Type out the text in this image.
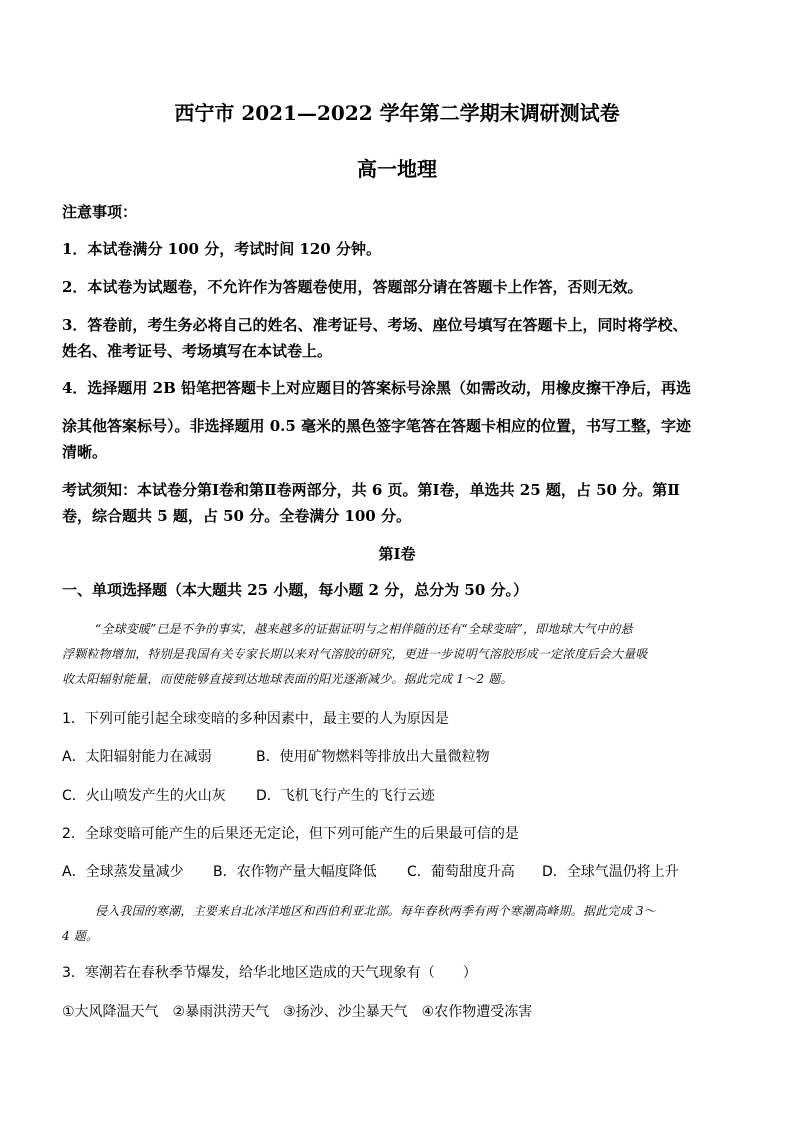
西宁市 2021—2022 学年第二学期末调研测试卷
高一地理
注意事项：
1．本试卷满分 100 分，考试时间 120 分钟。
2．本试卷为试题卷，不允许作为答题卷使用，答题部分请在答题卡上作答，否则无效。
3．答卷前，考生务必将自己的姓名、准考证号、考场、座位号填写在答题卡上，同时将学校、
姓名、准考证号、考场填写在本试卷上。
4．选择题用 2B 铅笔把答题卡上对应题目的答案标号涂黑（如需改动，用橡皮擦干净后，再选
涂其他答案标号）。非选择题用 0.5 毫米的黑色签字笔答在答题卡相应的位置，书写工整，字迹
清晰。
考试须知：本试卷分第Ⅰ卷和第Ⅱ卷两部分，共 6 页。第Ⅰ卷，单选共 25 题，占 50 分。第Ⅱ
卷，综合题共 5 题，占 50 分。全卷满分 100 分。
第Ⅰ卷
一、单项选择题（本大题共 25 小题，每小题 2 分，总分为 50 分。）
“全球变暖”已是不争的事实，越来越多的证据证明与之相伴随的还有“全球变暗”，即地球大气中的悬
浮颗粒物增加，特别是我国有关专家长期以来对气溶胶的研究，更进一步说明气溶胶形成一定浓度后会大量吸
收太阳辐射能量，而使能够直接到达地球表面的阳光逐渐减少。据此完成 1～2 题。
1．下列可能引起全球变暗的多种因素中，最主要的人为原因是
A．太阳辐射能力在减弱	B．使用矿物燃料等排放出大量微粒物
C．火山喷发产生的火山灰 D．飞机飞行产生的飞行云迹
2．全球变暗可能产生的后果还无定论，但下列可能产生的后果最可信的是
A．全球蒸发量减少 B．农作物产量大幅度降低 C．葡萄甜度升高 D．全球气温仍将上升
侵入我国的寒潮，主要来自北冰洋地区和西伯利亚北部。每年春秋两季有两个寒潮高峰期。据此完成 3～
4 题。
3．寒潮若在春秋季节爆发，给华北地区造成的天气现象有（　　）
①大风降温天气　②暴雨洪涝天气　③扬沙、沙尘暴天气　④农作物遭受冻害
